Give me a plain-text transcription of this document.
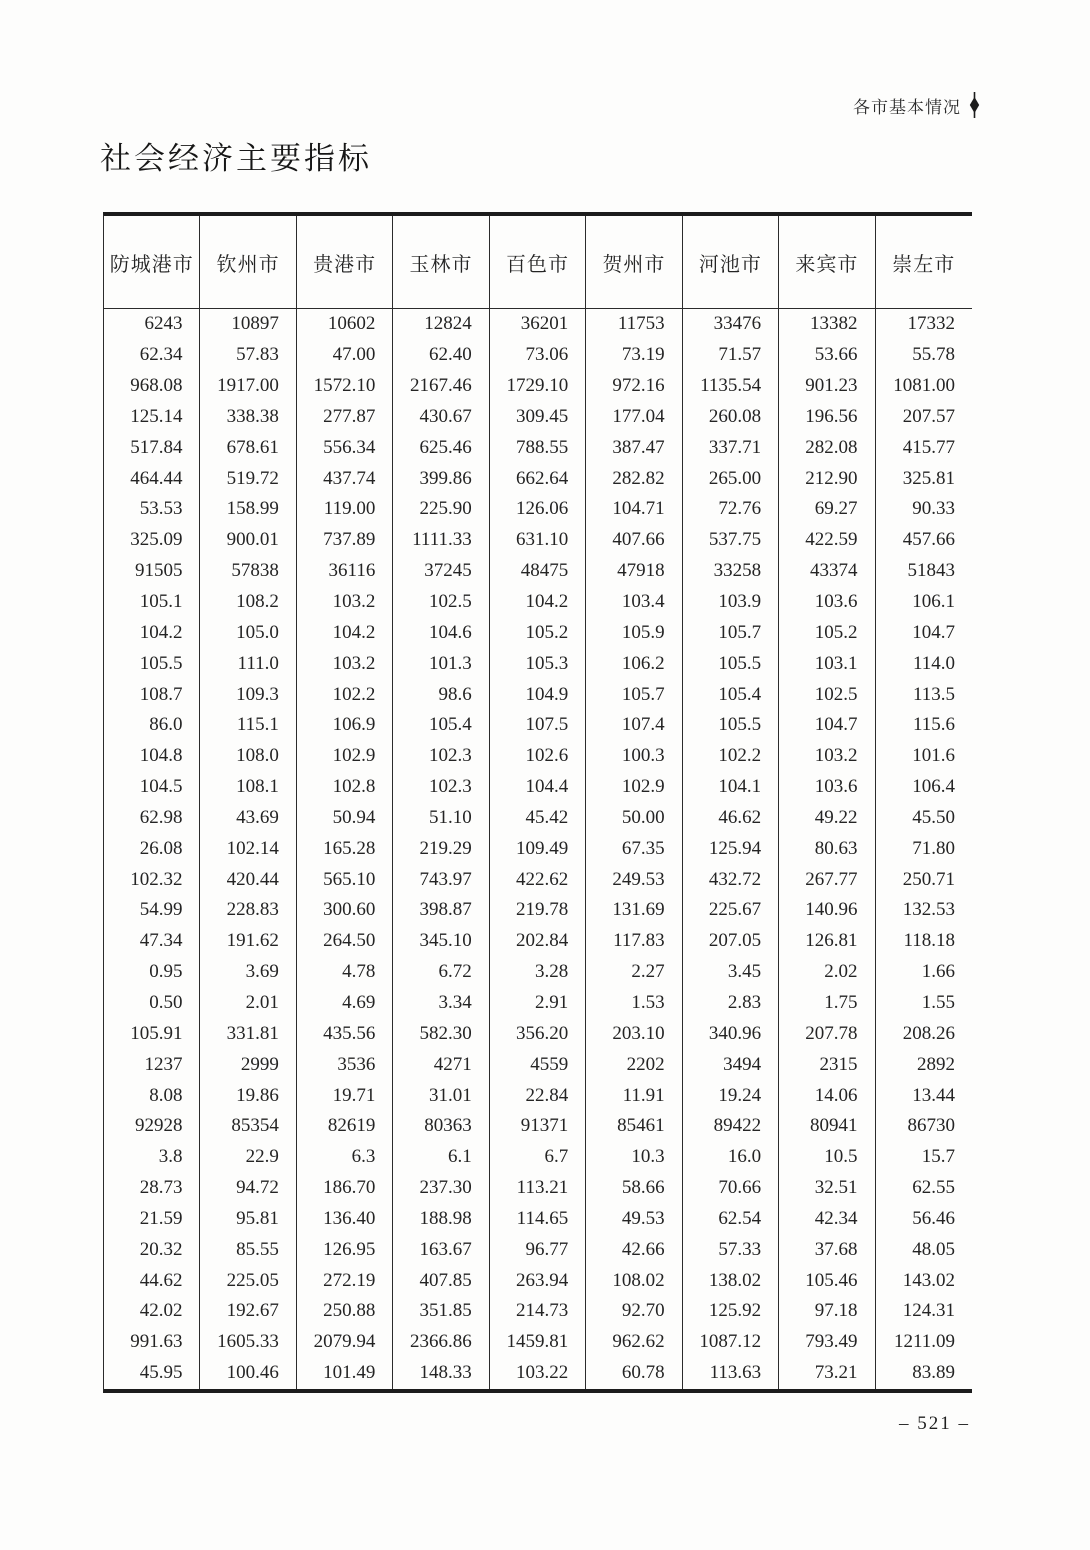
各市基本情况
社会经济主要指标
防城港市	钦州市	贵港市	玉林市	百色市	贺州市	河池市	来宾市	崇左市
6243	10897	10602	12824	36201	11753	33476	13382	17332
62.34	57.83	47.00	62.40	73.06	73.19	71.57	53.66	55.78
968.08	1917.00	1572.10	2167.46	1729.10	972.16	1135.54	901.23	1081.00
125.14	338.38	277.87	430.67	309.45	177.04	260.08	196.56	207.57
517.84	678.61	556.34	625.46	788.55	387.47	337.71	282.08	415.77
464.44	519.72	437.74	399.86	662.64	282.82	265.00	212.90	325.81
53.53	158.99	119.00	225.90	126.06	104.71	72.76	69.27	90.33
325.09	900.01	737.89	1111.33	631.10	407.66	537.75	422.59	457.66
91505	57838	36116	37245	48475	47918	33258	43374	51843
105.1	108.2	103.2	102.5	104.2	103.4	103.9	103.6	106.1
104.2	105.0	104.2	104.6	105.2	105.9	105.7	105.2	104.7
105.5	111.0	103.2	101.3	105.3	106.2	105.5	103.1	114.0
108.7	109.3	102.2	98.6	104.9	105.7	105.4	102.5	113.5
86.0	115.1	106.9	105.4	107.5	107.4	105.5	104.7	115.6
104.8	108.0	102.9	102.3	102.6	100.3	102.2	103.2	101.6
104.5	108.1	102.8	102.3	104.4	102.9	104.1	103.6	106.4
62.98	43.69	50.94	51.10	45.42	50.00	46.62	49.22	45.50
26.08	102.14	165.28	219.29	109.49	67.35	125.94	80.63	71.80
102.32	420.44	565.10	743.97	422.62	249.53	432.72	267.77	250.71
54.99	228.83	300.60	398.87	219.78	131.69	225.67	140.96	132.53
47.34	191.62	264.50	345.10	202.84	117.83	207.05	126.81	118.18
0.95	3.69	4.78	6.72	3.28	2.27	3.45	2.02	1.66
0.50	2.01	4.69	3.34	2.91	1.53	2.83	1.75	1.55
105.91	331.81	435.56	582.30	356.20	203.10	340.96	207.78	208.26
1237	2999	3536	4271	4559	2202	3494	2315	2892
8.08	19.86	19.71	31.01	22.84	11.91	19.24	14.06	13.44
92928	85354	82619	80363	91371	85461	89422	80941	86730
3.8	22.9	6.3	6.1	6.7	10.3	16.0	10.5	15.7
28.73	94.72	186.70	237.30	113.21	58.66	70.66	32.51	62.55
21.59	95.81	136.40	188.98	114.65	49.53	62.54	42.34	56.46
20.32	85.55	126.95	163.67	96.77	42.66	57.33	37.68	48.05
44.62	225.05	272.19	407.85	263.94	108.02	138.02	105.46	143.02
42.02	192.67	250.88	351.85	214.73	92.70	125.92	97.18	124.31
991.63	1605.33	2079.94	2366.86	1459.81	962.62	1087.12	793.49	1211.09
45.95	100.46	101.49	148.33	103.22	60.78	113.63	73.21	83.89
– 521 –
